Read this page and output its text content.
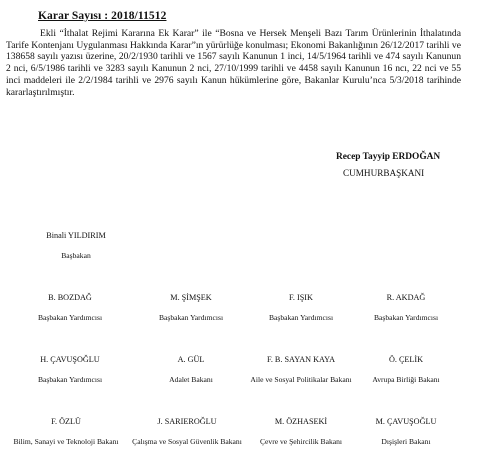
Karar Sayısı : 2018/11512
Ekli “İthalat Rejimi Kararına Ek Karar” ile “Bosna ve Hersek Menşeli Bazı Tarım Ürünlerinin İthalatında Tarife Kontenjanı Uygulanması Hakkında Karar”ın yürürlüğe konulması; Ekonomi Bakanlığının 26/12/2017 tarihli ve 138658 sayılı yazısı üzerine, 20/2/1930 tarihli ve 1567 sayılı Kanunun 1 inci, 14/5/1964 tarihli ve 474 sayılı Kanunun 2 nci, 6/5/1986 tarihli ve 3283 sayılı Kanunun 2 nci, 27/10/1999 tarihli ve 4458 sayılı Kanunun 16 ncı, 22 nci ve 55 inci maddeleri ile 2/2/1984 tarihli ve 2976 sayılı Kanun hükümlerine göre, Bakanlar Kurulu’nca 5/3/2018 tarihinde kararlaştırılmıştır.
Recep Tayyip ERDOĞAN
CUMHURBAŞKANI
Binali YILDIRIM
Başbakan
B. BOZDAĞ
Başbakan Yardımcısı
M. ŞİMŞEK
Başbakan Yardımcısı
F. IŞIK
Başbakan Yardımcısı
R. AKDAĞ
Başbakan Yardımcısı
H. ÇAVUŞOĞLU
Başbakan Yardımcısı
A. GÜL
Adalet Bakanı
F. B. SAYAN KAYA
Aile ve Sosyal Politikalar Bakanı
Ö. ÇELİK
Avrupa Birliği Bakanı
F. ÖZLÜ
Bilim, Sanayi ve Teknoloji Bakanı
J. SARIEROĞLU
Çalışma ve Sosyal Güvenlik Bakanı
M. ÖZHASEKİ
Çevre ve Şehircilik Bakanı
M. ÇAVUŞOĞLU
Dışişleri Bakanı
